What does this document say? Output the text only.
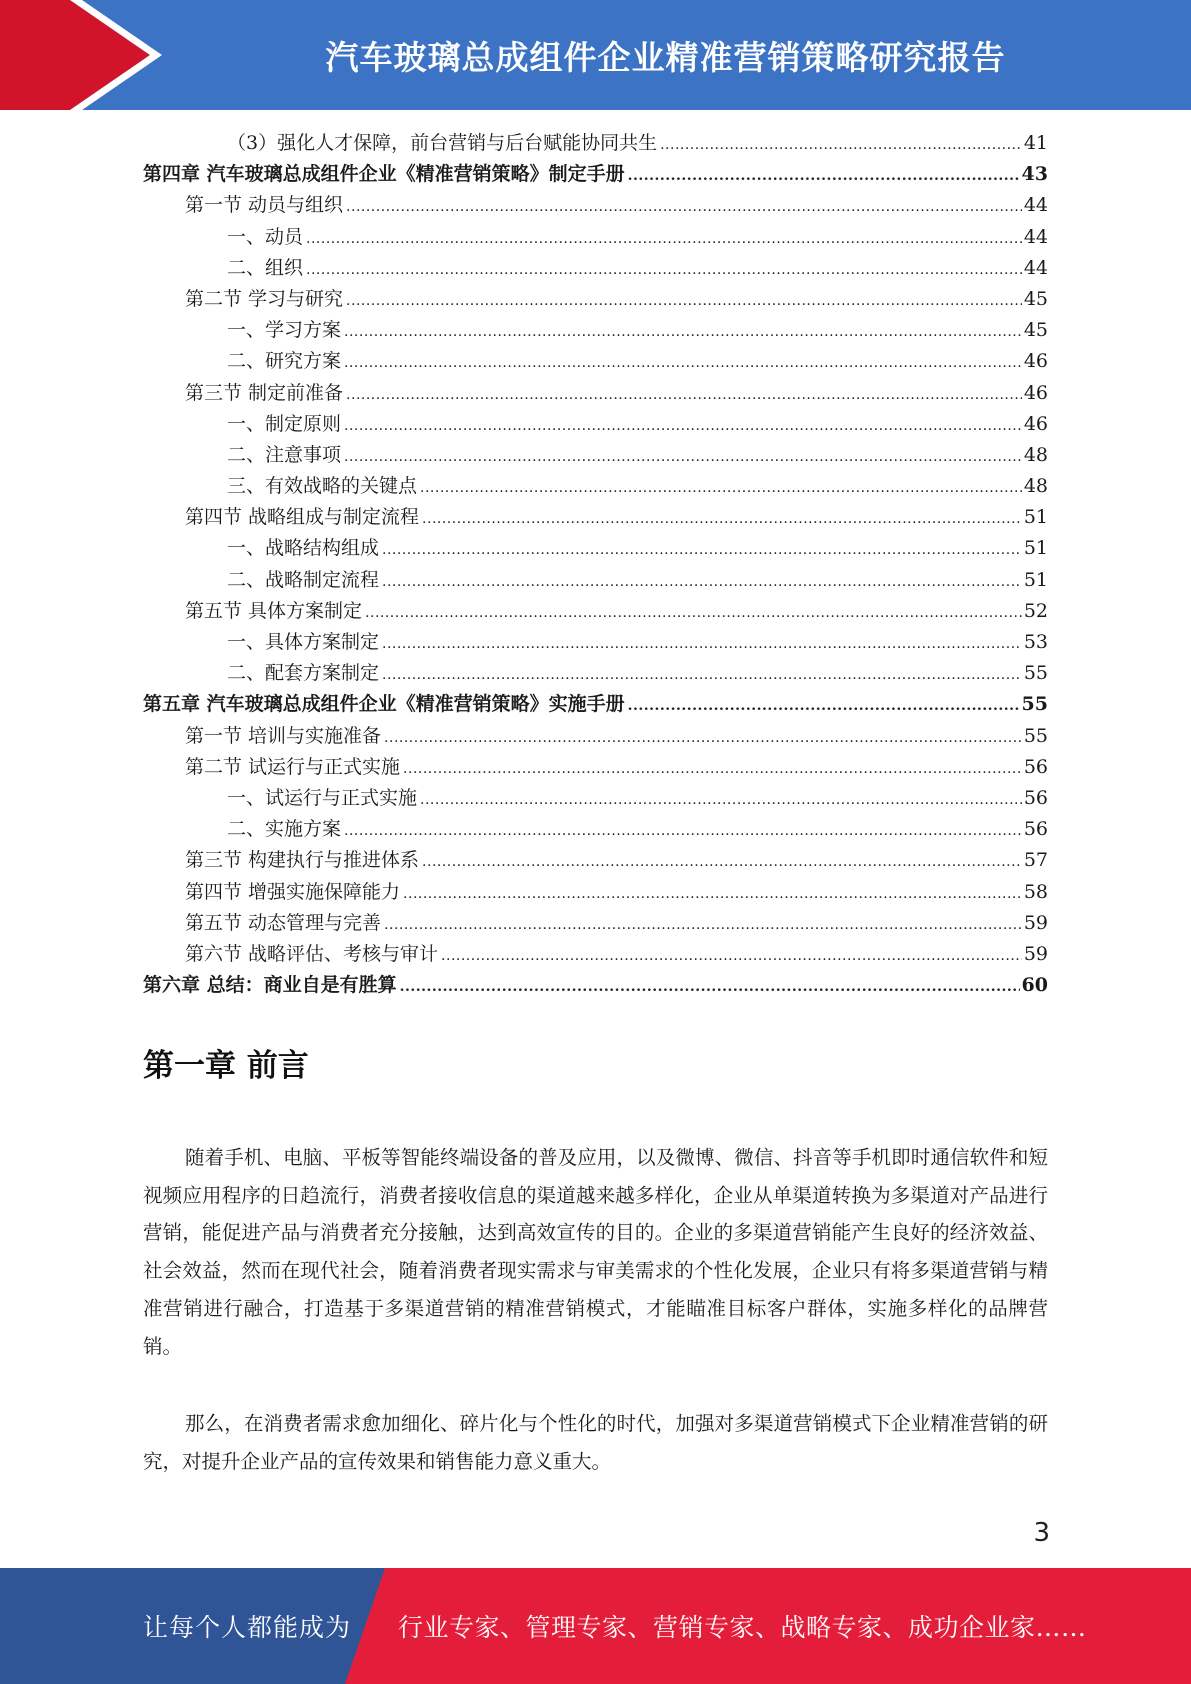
汽车玻璃总成组件企业精准营销策略研究报告
（3）强化人才保障，前台营销与后台赋能协同共生 .....	41
第四章 汽车玻璃总成组件企业《精准营销策略》制定手册 .....	43
第一节 动员与组织 .....	44
一、动员 .....	44
二、组织 .....	44
第二节 学习与研究 .....	45
一、学习方案 .....	45
二、研究方案 .....	46
第三节 制定前准备 .....	46
一、制定原则 .....	46
二、注意事项 .....	48
三、有效战略的关键点 .....	48
第四节 战略组成与制定流程 .....	51
一、战略结构组成 .....	51
二、战略制定流程 .....	51
第五节 具体方案制定 .....	52
一、具体方案制定 .....	53
二、配套方案制定 .....	55
第五章 汽车玻璃总成组件企业《精准营销策略》实施手册 .....	55
第一节 培训与实施准备 .....	55
第二节 试运行与正式实施 .....	56
一、试运行与正式实施 .....	56
二、实施方案 .....	56
第三节 构建执行与推进体系 .....	57
第四节 增强实施保障能力 .....	58
第五节 动态管理与完善 .....	59
第六节 战略评估、考核与审计 .....	59
第六章 总结：商业自是有胜算 .....	60
第一章 前言

随着手机、电脑、平板等智能终端设备的普及应用，以及微博、微信、抖音等手机即时通信软件和短视频应用程序的日趋流行，消费者接收信息的渠道越来越多样化，企业从单渠道转换为多渠道对产品进行营销，能促进产品与消费者充分接触，达到高效宣传的目的。企业的多渠道营销能产生良好的经济效益、社会效益，然而在现代社会，随着消费者现实需求与审美需求的个性化发展，企业只有将多渠道营销与精准营销进行融合，打造基于多渠道营销的精准营销模式，才能瞄准目标客户群体，实施多样化的品牌营销。

那么，在消费者需求愈加细化、碎片化与个性化的时代，加强对多渠道营销模式下企业精准营销的研究，对提升企业产品的宣传效果和销售能力意义重大。

3
让每个人都能成为 行业专家、管理专家、营销专家、战略专家、成功企业家……
